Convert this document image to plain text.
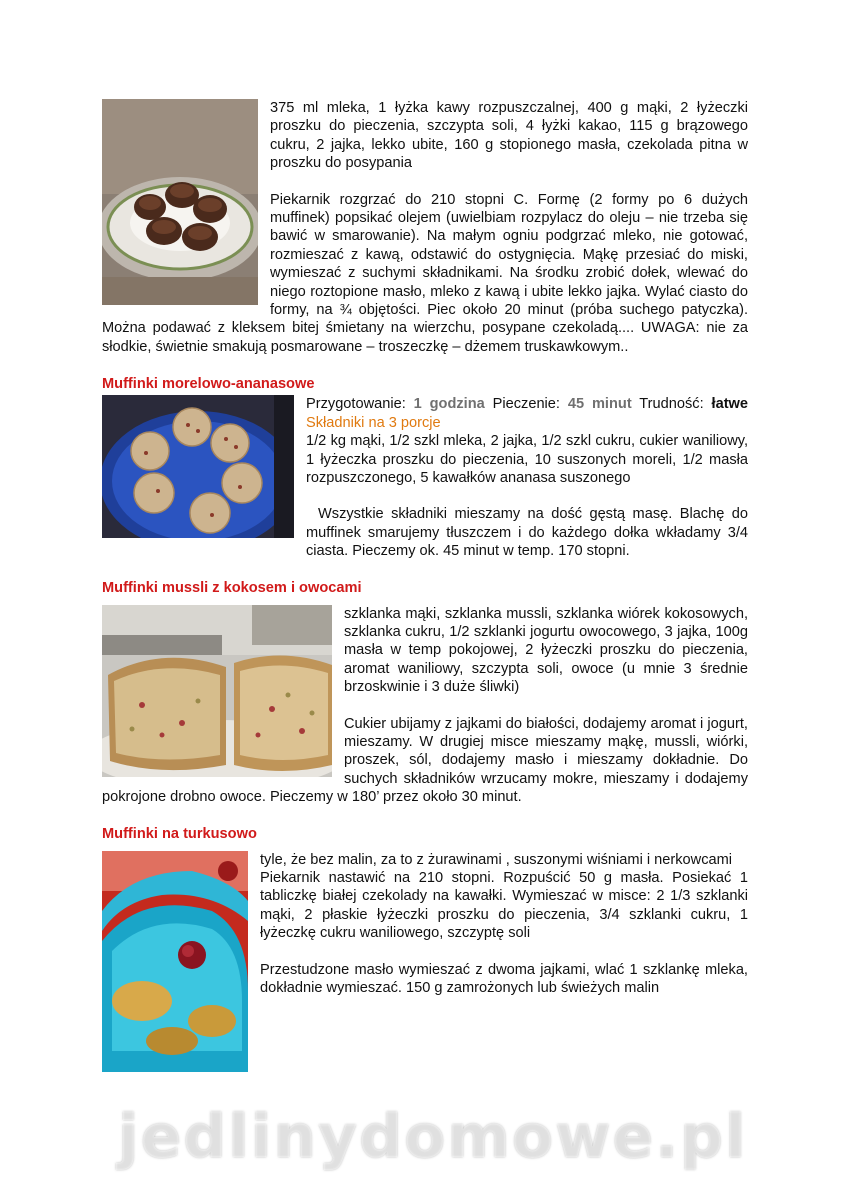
375 ml mleka, 1 łyżka kawy rozpuszczalnej, 400 g mąki, 2 łyżeczki proszku do pieczenia, szczypta soli, 4 łyżki kakao, 115 g brązowego cukru, 2 jajka, lekko ubite, 160 g stopionego masła, czekolada pitna w proszku do posypania

Piekarnik rozgrzać do 210 stopni C. Formę (2 formy po 6 dużych muffinek) popsikać olejem (uwielbiam rozpylacz do oleju – nie trzeba się bawić w smarowanie). Na małym ogniu podgrzać mleko, nie gotować, rozmieszać z kawą, odstawić do ostygnięcia. Mąkę przesiać do miski, wymieszać z suchymi składnikami. Na środku zrobić dołek, wlewać do niego roztopione masło, mleko z kawą i ubite lekko jajka. Wylać ciasto do formy, na ¾ objętości. Piec około 20 minut (próba suchego patyczka). Można podawać z kleksem bitej śmietany na wierzchu, posypane czekoladą.... UWAGA: nie za słodkie, świetnie smakują posmarowane – troszeczkę – dżemem truskawkowym..

Muffinki morelowo-ananasowe

Przygotowanie: 1 godzina Pieczenie: 45 minut Trudność: łatwe Składniki na 3 porcje

1/2 kg mąki, 1/2 szkl mleka, 2 jajka, 1/2 szkl cukru, cukier waniliowy, 1 łyżeczka proszku do pieczenia, 10 suszonych moreli, 1/2 masła rozpuszczonego, 5 kawałków ananasa suszonego

Wszystkie składniki mieszamy na dość gęstą masę. Blachę do muffinek smarujemy tłuszczem i do każdego dołka wkładamy 3/4 ciasta. Pieczemy ok. 45 minut w temp. 170 stopni.

Muffinki mussli z kokosem i owocami

szklanka mąki, szklanka mussli, szklanka wiórek kokosowych, szklanka cukru, 1/2 szklanki jogurtu owocowego, 3 jajka, 100g masła w temp pokojowej, 2 łyżeczki proszku do pieczenia, aromat waniliowy, szczypta soli, owoce (u mnie 3 średnie brzoskwinie i 3 duże śliwki)

Cukier ubijamy z jajkami do białości, dodajemy aromat i jogurt, mieszamy. W drugiej misce mieszamy mąkę, mussli, wiórki, proszek, sól, dodajemy masło i mieszamy dokładnie. Do suchych składników wrzucamy mokre, mieszamy i dodajemy pokrojone drobno owoce. Pieczemy w 180’ przez około 30 minut.

Muffinki na turkusowo

tyle, że bez malin, za to z żurawinami , suszonymi wiśniami i nerkowcami

Piekarnik nastawić na 210 stopni. Rozpuścić 50 g masła. Posiekać 1 tabliczkę białej czekolady na kawałki. Wymieszać w misce: 2 1/3 szklanki mąki, 2 płaskie łyżeczki proszku do pieczenia, 3/4 szklanki cukru, 1 łyżeczkę cukru waniliowego, szczyptę soli

Przestudzone masło wymieszać z dwoma jajkami, wlać 1 szklankę mleka, dokładnie wymieszać. 150 g zamrożonych lub świeżych malin

jedlinydomowe.pl
